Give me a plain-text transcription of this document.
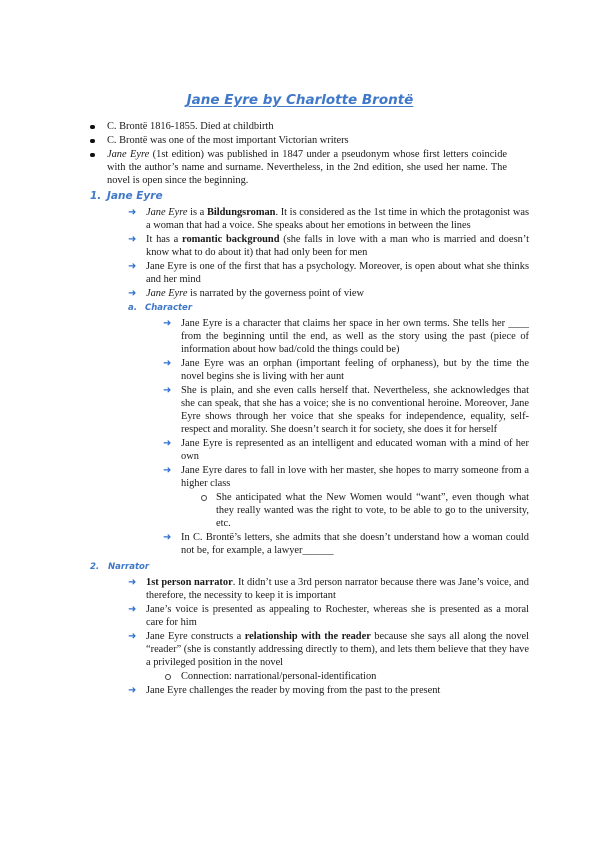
Jane Eyre by Charlotte Brontë
C. Brontë 1816-1855. Died at childbirth
C. Brontë was one of the most important Victorian writers
Jane Eyre (1st edition) was published in 1847 under a pseudonym whose first letters coincide with the author’s name and surname. Nevertheless, in the 2nd edition, she used her name. The novel is open since the beginning.
1. Jane Eyre
➜ Jane Eyre is a Bildungsroman. It is considered as the 1st time in which the protagonist was a woman that had a voice. She speaks about her emotions in between the lines
➜ It has a romantic background (she falls in love with a man who is married and doesn’t know what to do about it) that had only been for men
➜ Jane Eyre is one of the first that has a psychology. Moreover, is open about what she thinks and her mind
➜ Jane Eyre is narrated by the governess point of view
a. Character
➜ Jane Eyre is a character that claims her space in her own terms. She tells her ____ from the beginning until the end, as well as the story using the past (piece of information about how bad/cold the things could be)
➜ Jane Eyre was an orphan (important feeling of orphaness), but by the time the novel begins she is living with her aunt
➜ She is plain, and she even calls herself that. Nevertheless, she acknowledges that she can speak, that she has a voice; she is no conventional heroine. Moreover, Jane Eyre shows through her voice that she speaks for independence, equality, self-respect and morality. She doesn’t search it for society, she does it for herself
➜ Jane Eyre is represented as an intelligent and educated woman with a mind of her own
➜ Jane Eyre dares to fall in love with her master, she hopes to marry someone from a higher class
She anticipated what the New Women would “want”, even though what they really wanted was the right to vote, to be able to go to the university, etc.
➜ In C. Brontë’s letters, she admits that she doesn’t understand how a woman could not be, for example, a lawyer______
2. Narrator
➜ 1st person narrator. It didn’t use a 3rd person narrator because there was Jane’s voice, and therefore, the necessity to keep it is important
➜ Jane’s voice is presented as appealing to Rochester, whereas she is presented as a moral care for him
➜ Jane Eyre constructs a relationship with the reader because she says all along the novel “reader” (she is constantly addressing directly to them), and lets them believe that they have a privileged position in the novel
Connection: narrational/personal-identification
➜ Jane Eyre challenges the reader by moving from the past to the present
